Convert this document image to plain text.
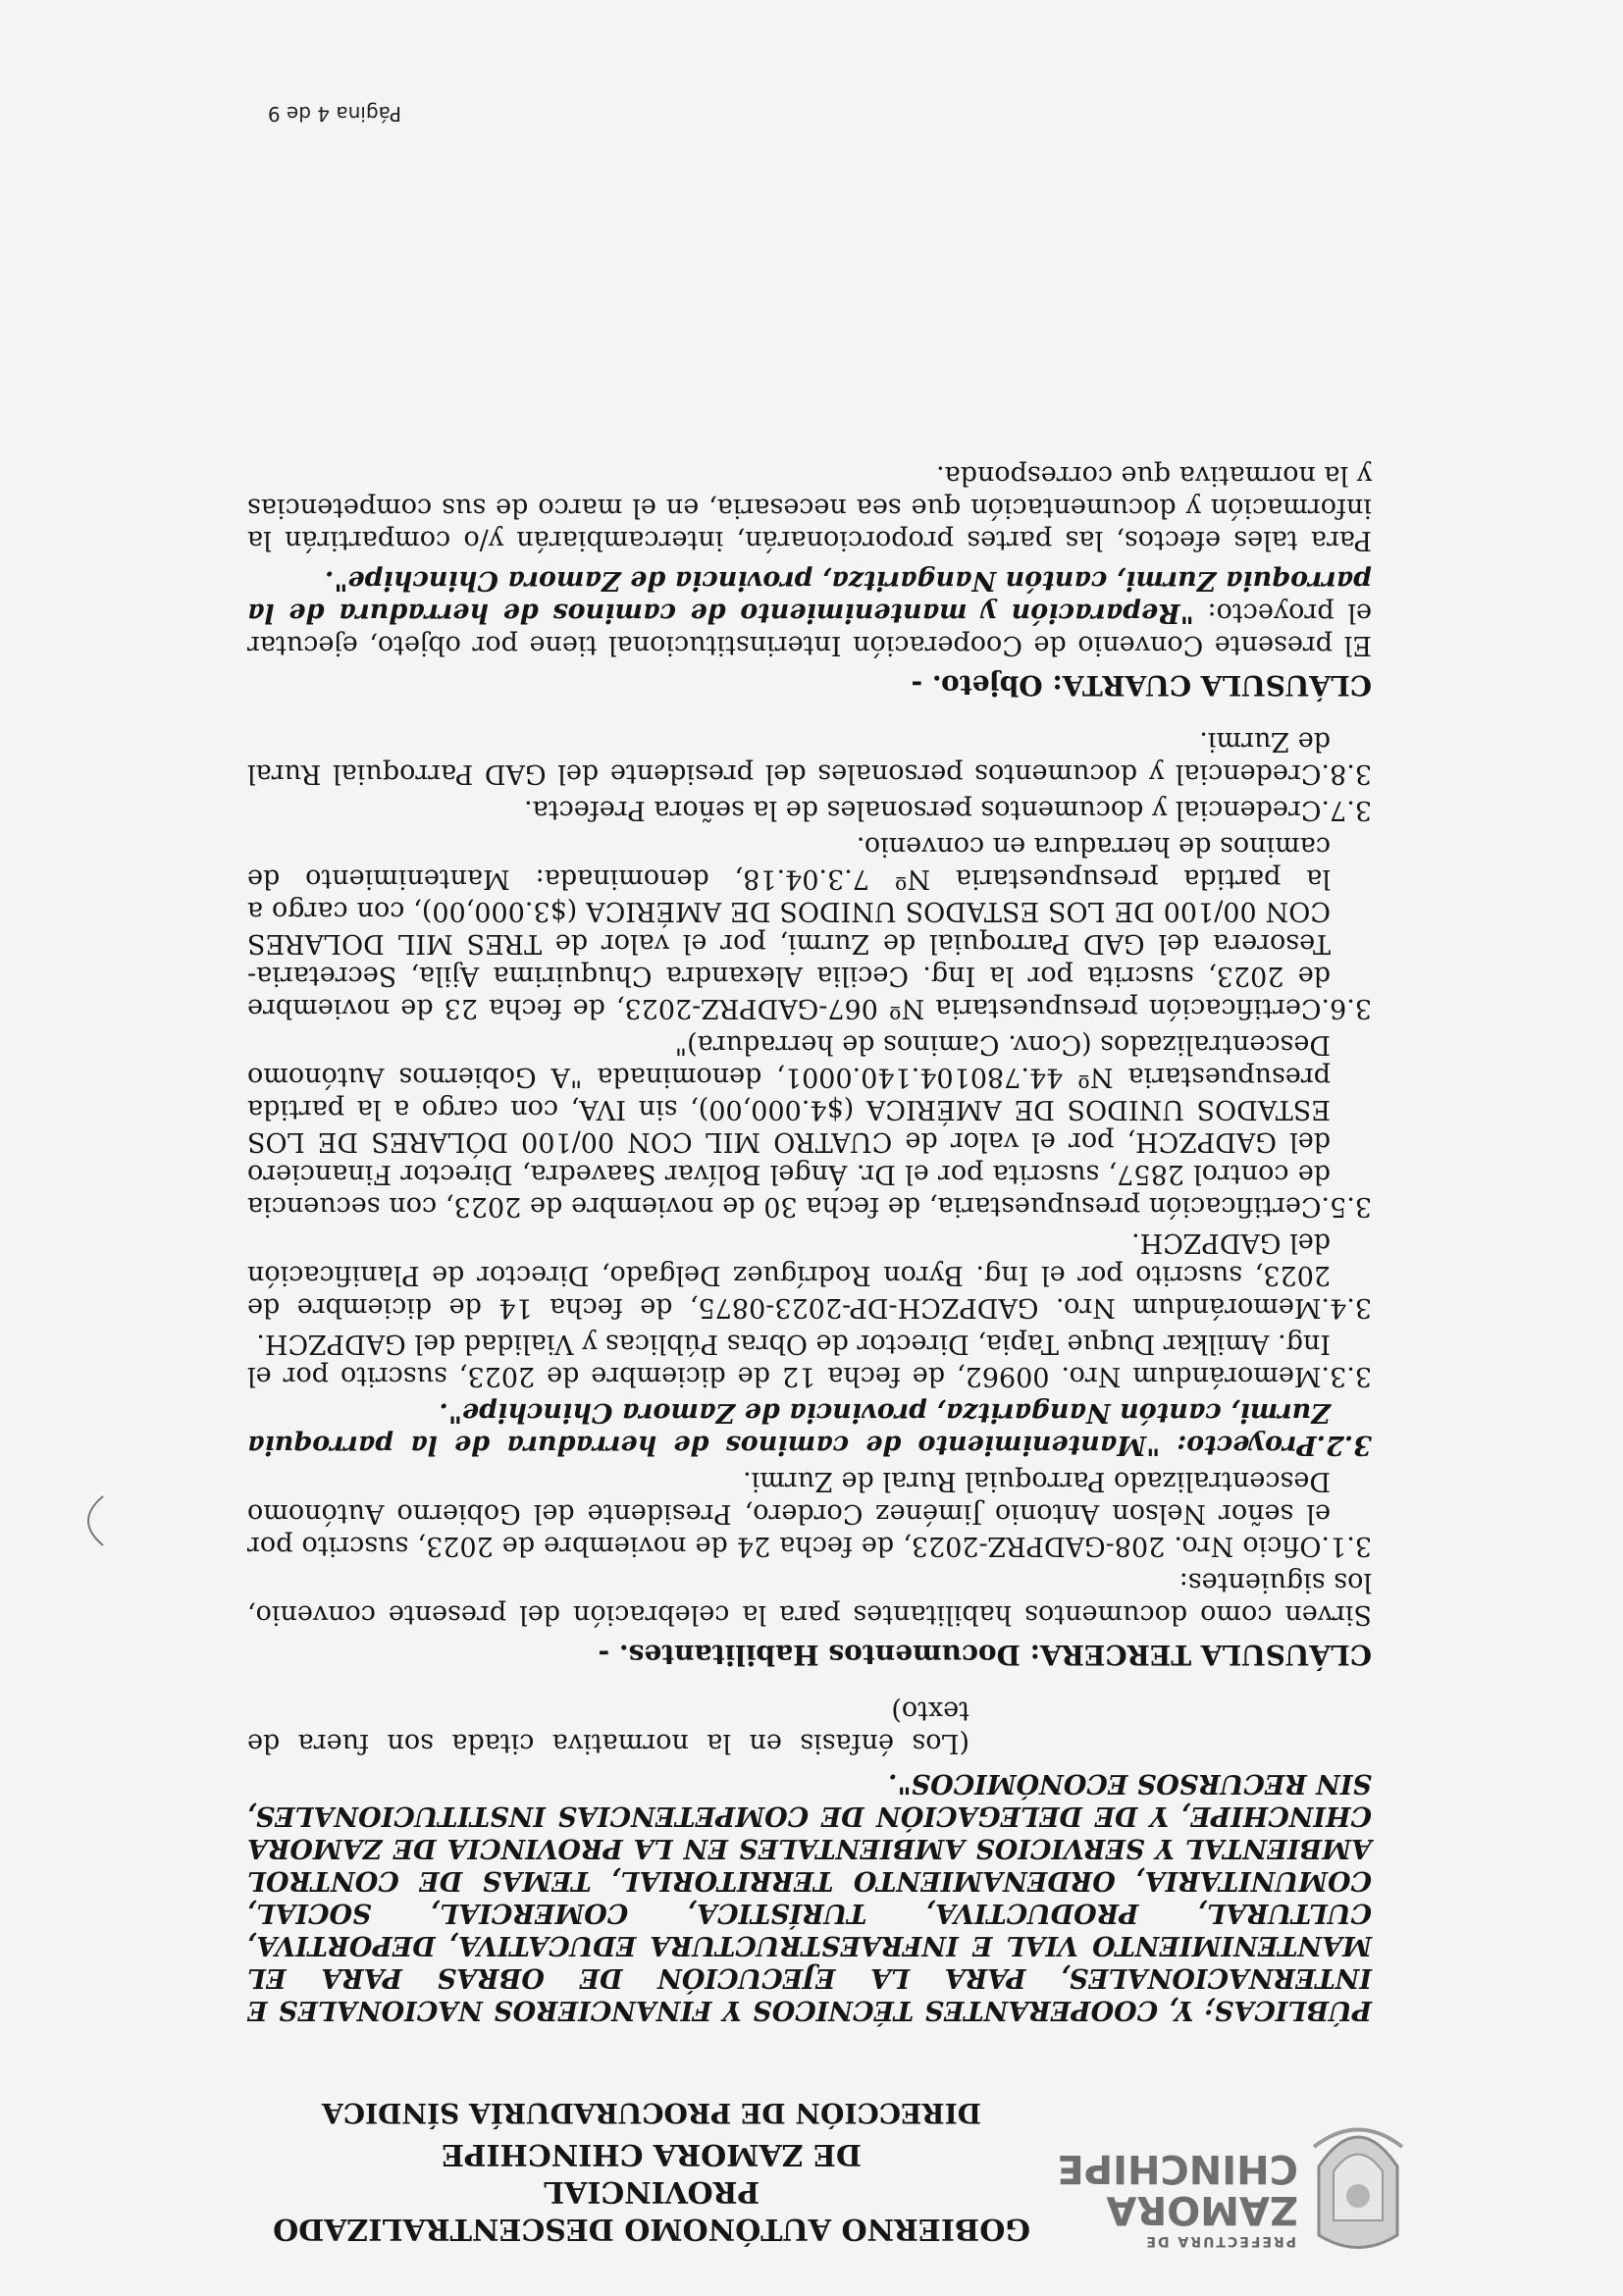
PREFECTURA DE
ZAMORA
CHINCHIPE
GOBIERNO AUTÓNOMO DESCENTRALIZADO PROVINCIAL
DE ZAMORA CHINCHIPE
DIRECCIÓN DE PROCURADURÍA SÍNDICA

PÚBLICAS; Y, COOPERANTES TÉCNICOS Y FINANCIEROS NACIONALES E INTERNACIONALES, PARA LA EJECUCIÓN DE OBRAS PARA EL MANTENIMIENTO VIAL E INFRAESTRUCTURA EDUCATIVA, DEPORTIVA, CULTURAL, PRODUCTIVA, TURÍSTICA, COMERCIAL, SOCIAL, COMUNITARIA, ORDENAMIENTO TERRITORIAL, TEMAS DE CONTROL AMBIENTAL Y SERVICIOS AMBIENTALES EN LA PROVINCIA DE ZAMORA CHINCHIPE, Y DE DELEGACIÓN DE COMPETENCIAS INSTITUCIONALES, SIN RECURSOS ECONÓMICOS".

(Los énfasis en la normativa citada son fuera de texto)

CLÁUSULA TERCERA: Documentos Habilitantes. -

Sirven como documentos habilitantes para la celebración del presente convenio, los siguientes:

3.1.Oficio Nro. 208-GADPRZ-2023, de fecha 24 de noviembre de 2023, suscrito por el señor Nelson Antonio Jiménez Cordero, Presidente del Gobierno Autónomo Descentralizado Parroquial Rural de Zurmi.

3.2.Proyecto: "Mantenimiento de caminos de herradura de la parroquia Zurmi, cantón Nangaritza, provincia de Zamora Chinchipe".

3.3.Memorándum Nro. 00962, de fecha 12 de diciembre de 2023, suscrito por el Ing. Amilkar Duque Tapia, Director de Obras Públicas y Vialidad del GADPZCH.

3.4.Memorándum Nro. GADPZCH-DP-2023-0875, de fecha 14 de diciembre de 2023, suscrito por el Ing. Byron Rodríguez Delgado, Director de Planificación del GADPZCH.

3.5.Certificación presupuestaria, de fecha 30 de noviembre de 2023, con secuencia de control 2857, suscrita por el Dr. Ángel Bolívar Saavedra, Director Financiero del GADPZCH, por el valor de CUATRO MIL CON 00/100 DÓLARES DE LOS ESTADOS UNIDOS DE AMÉRICA ($4.000,00), sin IVA, con cargo a la partida presupuestaria Nº 44.780104.140.0001, denominada "A Gobiernos Autónomo Descentralizados (Conv. Caminos de herradura)"

3.6.Certificación presupuestaria Nº 067-GADPRZ-2023, de fecha 23 de noviembre de 2023, suscrita por la Ing. Cecilia Alexandra Chuquirima Ajila, Secretaria-Tesorera del GAD Parroquial de Zurmi, por el valor de TRES MIL DOLARES CON 00/100 DE LOS ESTADOS UNIDOS DE AMÉRICA ($3.000,00), con cargo a la partida presupuestaria Nº 7.3.04.18, denominada: Mantenimiento de caminos de herradura en convenio.

3.7.Credencial y documentos personales de la señora Prefecta.

3.8.Credencial y documentos personales del presidente del GAD Parroquial Rural de Zurmi.

CLÁUSULA CUARTA: Objeto. -

El presente Convenio de Cooperación Interinstitucional tiene por objeto, ejecutar el proyecto: "Reparación y mantenimiento de caminos de herradura de la parroquia Zurmi, cantón Nangaritza, provincia de Zamora Chinchipe".

Para tales efectos, las partes proporcionarán, intercambiarán y/o compartirán la información y documentación que sea necesaria, en el marco de sus competencias y la normativa que corresponda.

Página 4 de 9
